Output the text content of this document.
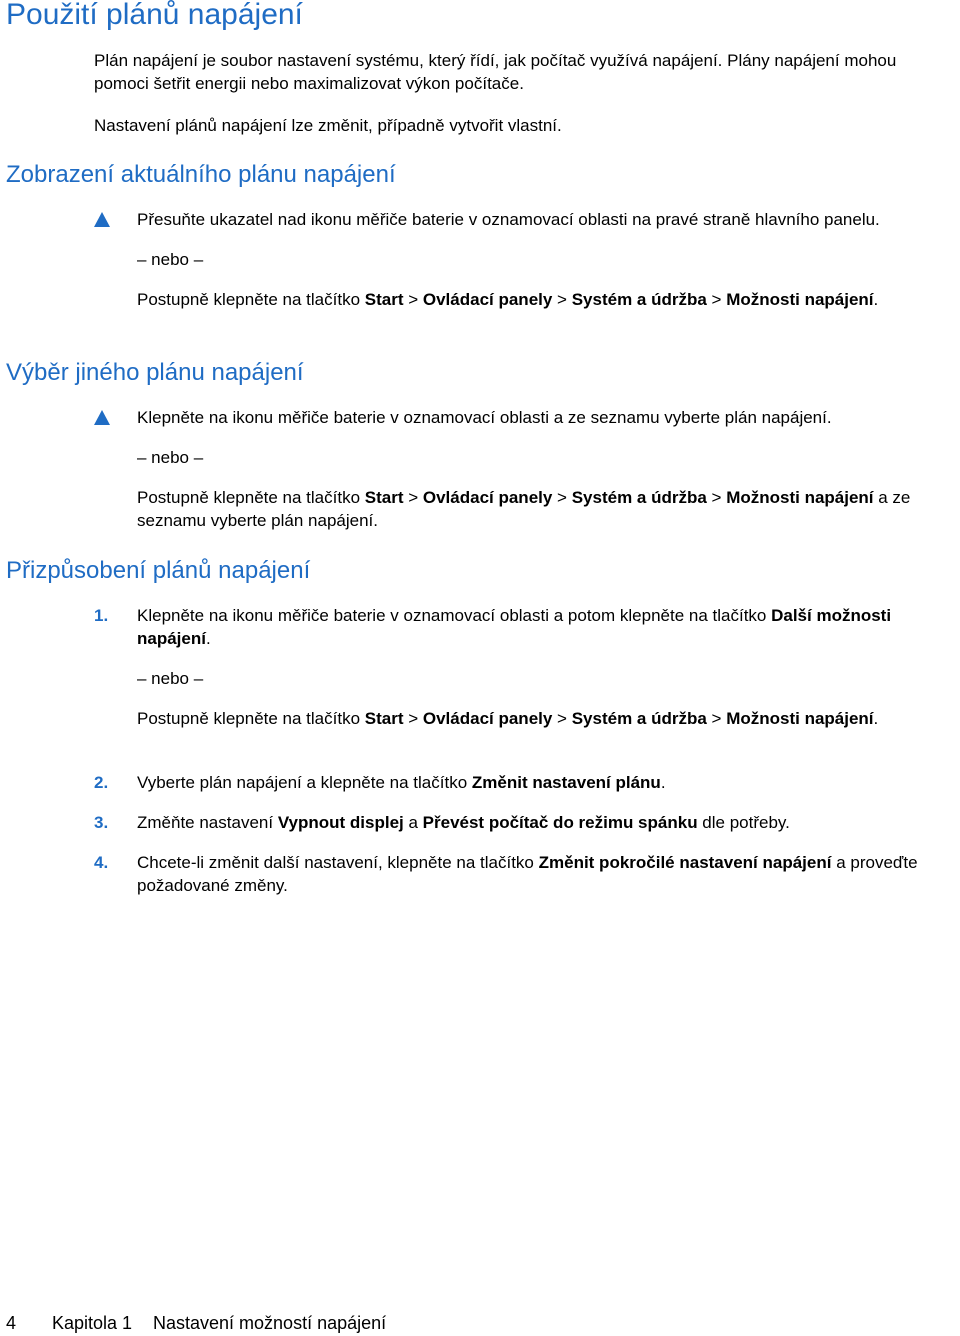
Použití plánů napájení

Plán napájení je soubor nastavení systému, který řídí, jak počítač využívá napájení. Plány napájení mohou pomoci šetřit energii nebo maximalizovat výkon počítače.

Nastavení plánů napájení lze změnit, případně vytvořit vlastní.

Zobrazení aktuálního plánu napájení

Přesuňte ukazatel nad ikonu měřiče baterie v oznamovací oblasti na pravé straně hlavního panelu.

– nebo –

Postupně klepněte na tlačítko Start > Ovládací panely > Systém a údržba > Možnosti napájení.

Výběr jiného plánu napájení

Klepněte na ikonu měřiče baterie v oznamovací oblasti a ze seznamu vyberte plán napájení.

– nebo –

Postupně klepněte na tlačítko Start > Ovládací panely > Systém a údržba > Možnosti napájení a ze seznamu vyberte plán napájení.

Přizpůsobení plánů napájení
1. Klepněte na ikonu měřiče baterie v oznamovací oblasti a potom klepněte na tlačítko Další možnosti napájení.

– nebo –

Postupně klepněte na tlačítko Start > Ovládací panely > Systém a údržba > Možnosti napájení.

2. Vyberte plán napájení a klepněte na tlačítko Změnit nastavení plánu.

3. Změňte nastavení Vypnout displej a Převést počítač do režimu spánku dle potřeby.

4. Chcete-li změnit další nastavení, klepněte na tlačítko Změnit pokročilé nastavení napájení a proveďte požadované změny.

4 Kapitola 1 Nastavení možností napájení
